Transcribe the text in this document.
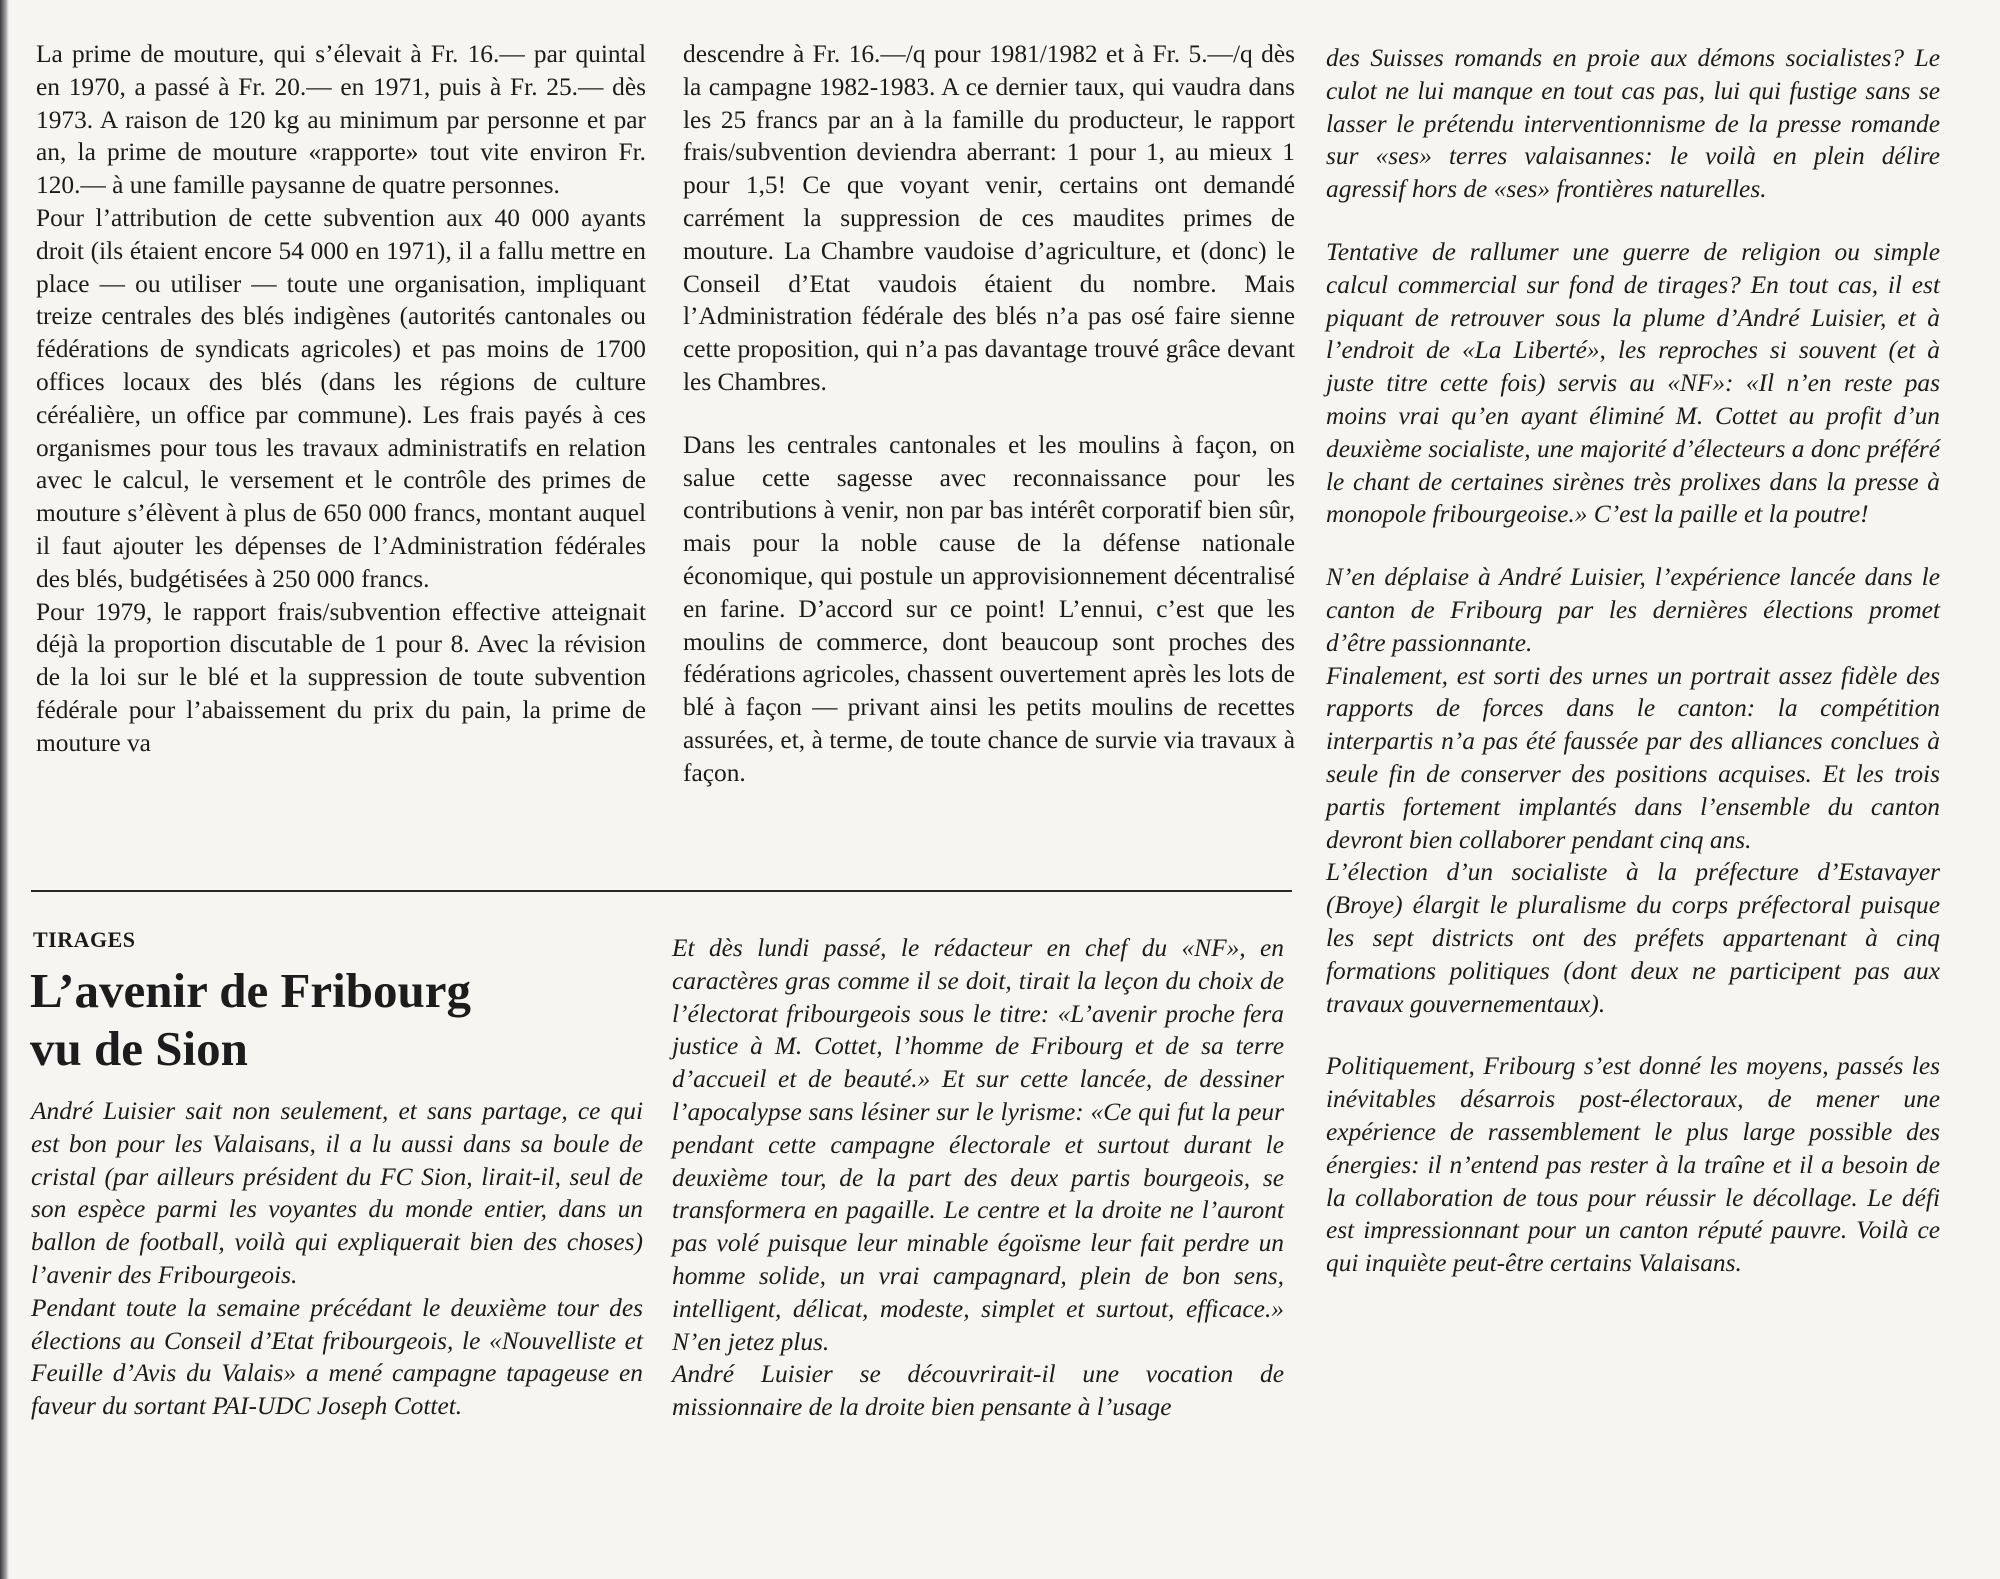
La prime de mouture, qui s’élevait à Fr. 16.— par quintal en 1970, a passé à Fr. 20.— en 1971, puis à Fr. 25.— dès 1973. A raison de 120 kg au minimum par personne et par an, la prime de mouture «rapporte» tout vite environ Fr. 120.— à une famille paysanne de quatre personnes.

Pour l’attribution de cette subvention aux 40 000 ayants droit (ils étaient encore 54 000 en 1971), il a fallu mettre en place — ou utiliser — toute une organisation, impliquant treize centrales des blés indigènes (autorités cantonales ou fédérations de syndicats agricoles) et pas moins de 1700 offices locaux des blés (dans les régions de culture céréalière, un office par commune). Les frais payés à ces organismes pour tous les travaux administratifs en relation avec le calcul, le versement et le contrôle des primes de mouture s’élèvent à plus de 650 000 francs, montant auquel il faut ajouter les dépenses de l’Administration fédérales des blés, budgétisées à 250 000 francs.

Pour 1979, le rapport frais/subvention effective atteignait déjà la proportion discutable de 1 pour 8. Avec la révision de la loi sur le blé et la suppression de toute subvention fédérale pour l’abaissement du prix du pain, la prime de mouture va

descendre à Fr. 16.—/q pour 1981/1982 et à Fr. 5.—/q dès la campagne 1982-1983. A ce dernier taux, qui vaudra dans les 25 francs par an à la famille du producteur, le rapport frais/subvention deviendra aberrant: 1 pour 1, au mieux 1 pour 1,5! Ce que voyant venir, certains ont demandé carrément la suppression de ces maudites primes de mouture. La Chambre vaudoise d’agriculture, et (donc) le Conseil d’Etat vaudois étaient du nombre. Mais l’Administration fédérale des blés n’a pas osé faire sienne cette proposition, qui n’a pas davantage trouvé grâce devant les Chambres.

Dans les centrales cantonales et les moulins à façon, on salue cette sagesse avec reconnaissance pour les contributions à venir, non par bas intérêt corporatif bien sûr, mais pour la noble cause de la défense nationale économique, qui postule un approvisionnement décentralisé en farine. D’accord sur ce point! L’ennui, c’est que les moulins de commerce, dont beaucoup sont proches des fédérations agricoles, chassent ouvertement après les lots de blé à façon — privant ainsi les petits moulins de recettes assurées, et, à terme, de toute chance de survie via travaux à façon.

des Suisses romands en proie aux démons socialistes? Le culot ne lui manque en tout cas pas, lui qui fustige sans se lasser le prétendu interventionnisme de la presse romande sur «ses» terres valaisannes: le voilà en plein délire agressif hors de «ses» frontières naturelles.

Tentative de rallumer une guerre de religion ou simple calcul commercial sur fond de tirages? En tout cas, il est piquant de retrouver sous la plume d’André Luisier, et à l’endroit de «La Liberté», les reproches si souvent (et à juste titre cette fois) servis au «NF»: «Il n’en reste pas moins vrai qu’en ayant éliminé M. Cottet au profit d’un deuxième socialiste, une majorité d’électeurs a donc préféré le chant de certaines sirènes très prolixes dans la presse à monopole fribourgeoise.» C’est la paille et la poutre!

N’en déplaise à André Luisier, l’expérience lancée dans le canton de Fribourg par les dernières élections promet d’être passionnante.

Finalement, est sorti des urnes un portrait assez fidèle des rapports de forces dans le canton: la compétition interpartis n’a pas été faussée par des alliances conclues à seule fin de conserver des positions acquises. Et les trois partis fortement implantés dans l’ensemble du canton devront bien collaborer pendant cinq ans.

L’élection d’un socialiste à la préfecture d’Estavayer (Broye) élargit le pluralisme du corps préfectoral puisque les sept districts ont des préfets appartenant à cinq formations politiques (dont deux ne participent pas aux travaux gouvernementaux).

Politiquement, Fribourg s’est donné les moyens, passés les inévitables désarrois post-électoraux, de mener une expérience de rassemblement le plus large possible des énergies: il n’entend pas rester à la traîne et il a besoin de la collaboration de tous pour réussir le décollage. Le défi est impressionnant pour un canton réputé pauvre. Voilà ce qui inquiète peut-être certains Valaisans.

TIRAGES
L’avenir de Fribourg
vu de Sion

André Luisier sait non seulement, et sans partage, ce qui est bon pour les Valaisans, il a lu aussi dans sa boule de cristal (par ailleurs président du FC Sion, lirait-il, seul de son espèce parmi les voyantes du monde entier, dans un ballon de football, voilà qui expliquerait bien des choses) l’avenir des Fribourgeois.

Pendant toute la semaine précédant le deuxième tour des élections au Conseil d’Etat fribourgeois, le «Nouvelliste et Feuille d’Avis du Valais» a mené campagne tapageuse en faveur du sortant PAI-UDC Joseph Cottet.

Et dès lundi passé, le rédacteur en chef du «NF», en caractères gras comme il se doit, tirait la leçon du choix de l’électorat fribourgeois sous le titre: «L’avenir proche fera justice à M. Cottet, l’homme de Fribourg et de sa terre d’accueil et de beauté.» Et sur cette lancée, de dessiner l’apocalypse sans lésiner sur le lyrisme: «Ce qui fut la peur pendant cette campagne électorale et surtout durant le deuxième tour, de la part des deux partis bourgeois, se transformera en pagaille. Le centre et la droite ne l’auront pas volé puisque leur minable égoïsme leur fait perdre un homme solide, un vrai campagnard, plein de bon sens, intelligent, délicat, modeste, simplet et surtout, efficace.» N’en jetez plus.

André Luisier se découvrirait-il une vocation de missionnaire de la droite bien pensante à l’usage
